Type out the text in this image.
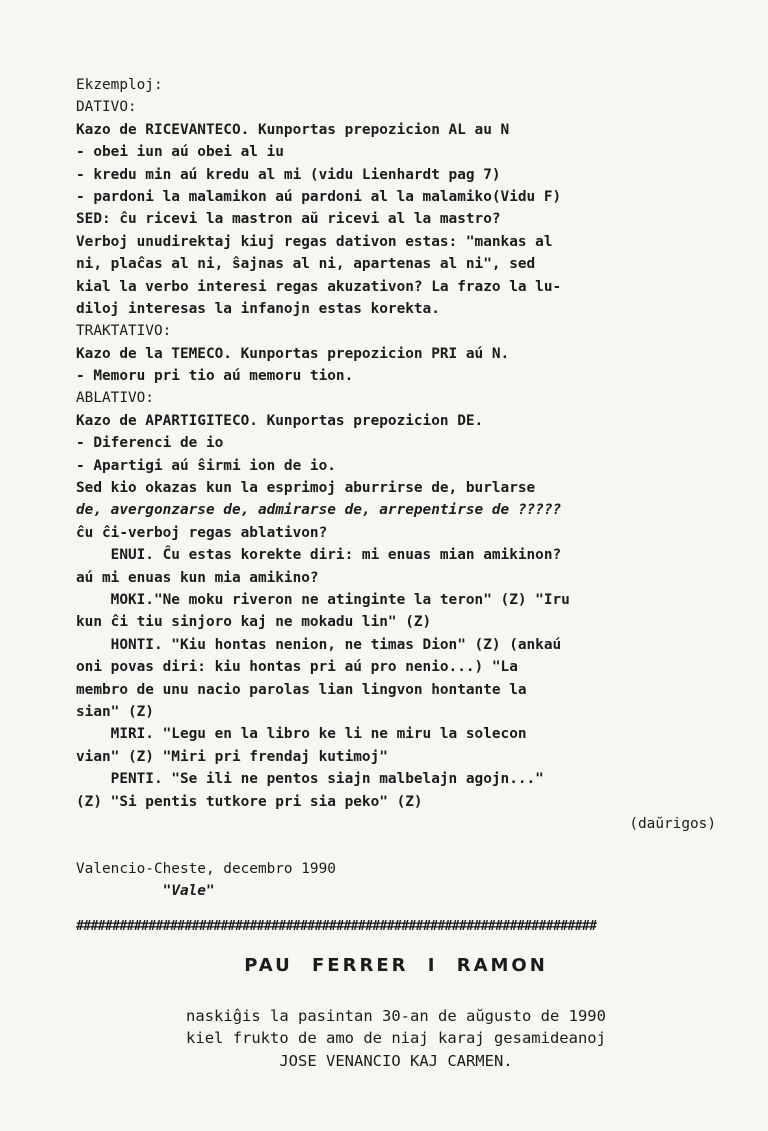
Ekzemploj:
DATIVO:
Kazo de RICEVANTECO. Kunportas prepozicion AL au N
- obei iun aú obei al iu
- kredu min aú kredu al mi (vidu Lienhardt pag 7)
- pardoni la malamikon aú pardoni al la malamiko(Vidu F)
SED: ĉu ricevi la mastron aŭ ricevi al la mastro?
Verboj unudirektaj kiuj regas dativon estas: "mankas al
ni, plaĉas al ni, ŝajnas al ni, apartenas al ni", sed
kial la verbo interesi regas akuzativon? La frazo la lu-
diloj interesas la infanojn estas korekta.
TRAKTATIVO:
Kazo de la TEMECO. Kunportas prepozicion PRI aú N.
- Memoru pri tio aú memoru tion.
ABLATIVO:
Kazo de APARTIGITECO. Kunportas prepozicion DE.
- Diferenci de io
- Apartigi aú ŝirmi ion de io.
Sed kio okazas kun la esprimoj aburrirse de, burlarse
de, avergonzarse de, admirarse de, arrepentirse de ?????
ĉu ĉi-verboj regas ablativon?
ENUI. Ĉu estas korekte diri: mi enuas mian amikinon?
aú mi enuas kun mia amikino?
MOKI."Ne moku riveron ne atinginte la teron" (Z) "Iru
kun ĉi tiu sinjoro kaj ne mokadu lin" (Z)
HONTI. "Kiu hontas nenion, ne timas Dion" (Z) (ankaú
oni povas diri: kiu hontas pri aú pro nenio...) "La
membro de unu nacio parolas lian lingvon hontante la
sian" (Z)
MIRI. "Legu en la libro ke li ne miru la solecon
vian" (Z) "Miri pri frendaj kutimoj"
PENTI. "Se ili ne pentos siajn malbelajn agojn..."
(Z) "Si pentis tutkore pri sia peko" (Z)
(daŭrigos)
Valencio-Cheste, decembro 1990
"Vale"
########################################################################
PAU FERRER I RAMON
naskiĝis la pasintan 30-an de aŭgusto de 1990
kiel frukto de amo de niaj karaj gesamideanoj
JOSE VENANCIO KAJ CARMEN.
